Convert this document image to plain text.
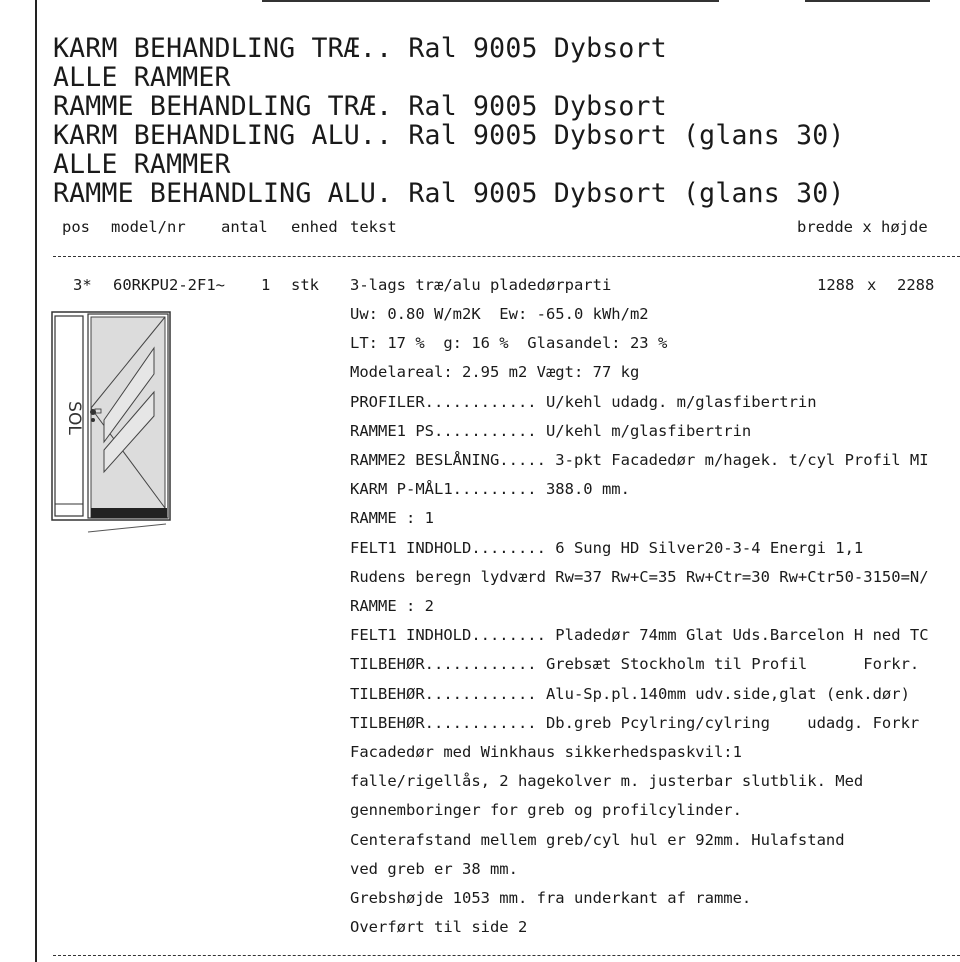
KARM BEHANDLING TRÆ.. Ral 9005 Dybsort
ALLE RAMMER
RAMME BEHANDLING TRÆ. Ral 9005 Dybsort
KARM BEHANDLING ALU.. Ral 9005 Dybsort (glans 30)
ALLE RAMMER
RAMME BEHANDLING ALU. Ral 9005 Dybsort (glans 30)
pos model/nr antal enhed tekst	bredde x højde
3* 60RKPU2-2F1~ 1 stk 3-lags træ/alu pladedørparti	1288 x 2288
SOL
Uw: 0.80 W/m2K  Ew: -65.0 kWh/m2
LT: 17 %  g: 16 %  Glasandel: 23 %
Modelareal: 2.95 m2 Vægt: 77 kg
PROFILER............ U/kehl udadg. m/glasfibertrin
RAMME1 PS........... U/kehl m/glasfibertrin
RAMME2 BESLÅNING..... 3-pkt Facadedør m/hagek. t/cyl Profil MI
KARM P-MÅL1......... 388.0 mm.
RAMME : 1
FELT1 INDHOLD........ 6 Sung HD Silver20-3-4 Energi 1,1
Rudens beregn lydværd Rw=37 Rw+C=35 Rw+Ctr=30 Rw+Ctr50-3150=N/
RAMME : 2
FELT1 INDHOLD........ Pladedør 74mm Glat Uds.Barcelon H ned TC
TILBEHØR............ Grebsæt Stockholm til Profil      Forkr.
TILBEHØR............ Alu-Sp.pl.140mm udv.side,glat (enk.dør)
TILBEHØR............ Db.greb Pcylring/cylring    udadg. Forkr
Facadedør med Winkhaus sikkerhedspaskvil:1
falle/rigellås, 2 hagekolver m. justerbar slutblik. Med
gennemboringer for greb og profilcylinder.
Centerafstand mellem greb/cyl hul er 92mm. Hulafstand
ved greb er 38 mm.
Grebshøjde 1053 mm. fra underkant af ramme.
Overført til side 2
